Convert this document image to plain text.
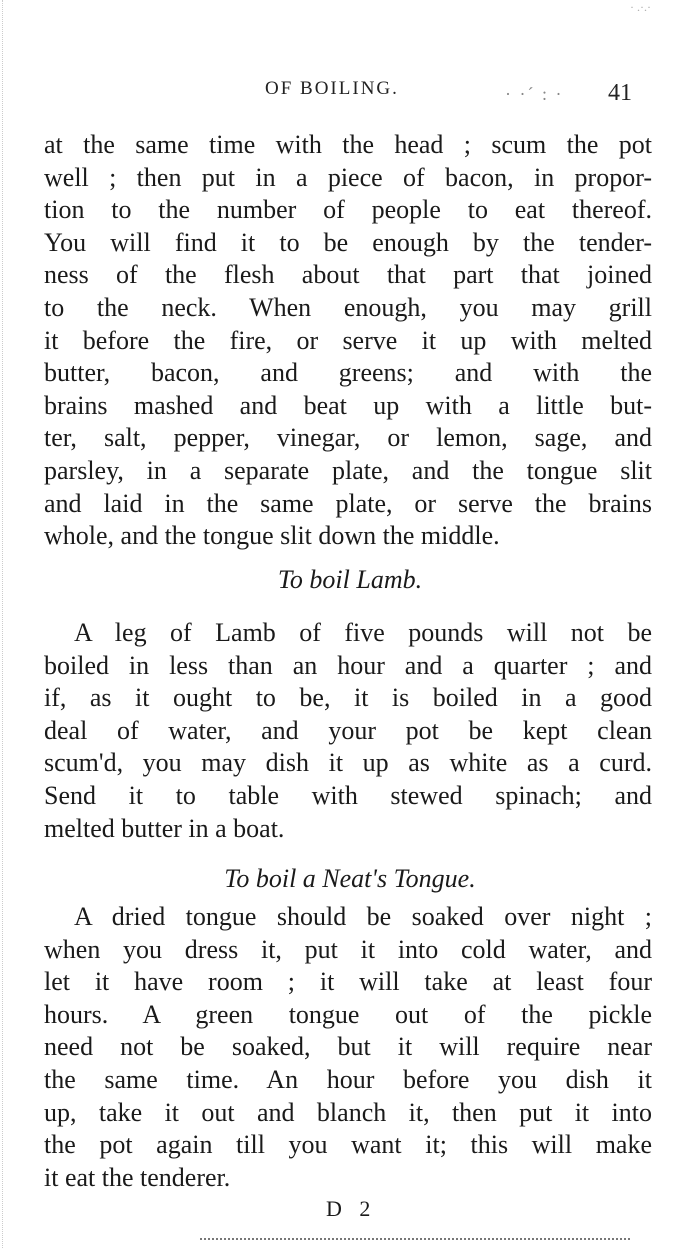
· .·.·
OF BOILING.	· ·´ : · 41
at the same time with the head ; scum the pot
well ; then put in a piece of bacon, in propor-
tion to the number of people to eat thereof.
You will find it to be enough by the tender-
ness of the flesh about that part that joined
to the neck. When enough, you may grill
it before the fire, or serve it up with melted
butter, bacon, and greens; and with the
brains mashed and beat up with a little but-
ter, salt, pepper, vinegar, or lemon, sage, and
parsley, in a separate plate, and the tongue slit
and laid in the same plate, or serve the brains
whole, and the tongue slit down the middle.
To boil Lamb.
A leg of Lamb of five pounds will not be
boiled in less than an hour and a quarter ; and
if, as it ought to be, it is boiled in a good
deal of water, and your pot be kept clean
scum'd, you may dish it up as white as a curd.
Send it to table with stewed spinach; and
melted butter in a boat.
To boil a Neat's Tongue.
A dried tongue should be soaked over night ;
when you dress it, put it into cold water, and
let it have room ; it will take at least four
hours. A green tongue out of the pickle
need not be soaked, but it will require near
the same time. An hour before you dish it
up, take it out and blanch it, then put it into
the pot again till you want it; this will make
it eat the tenderer.
D 2
